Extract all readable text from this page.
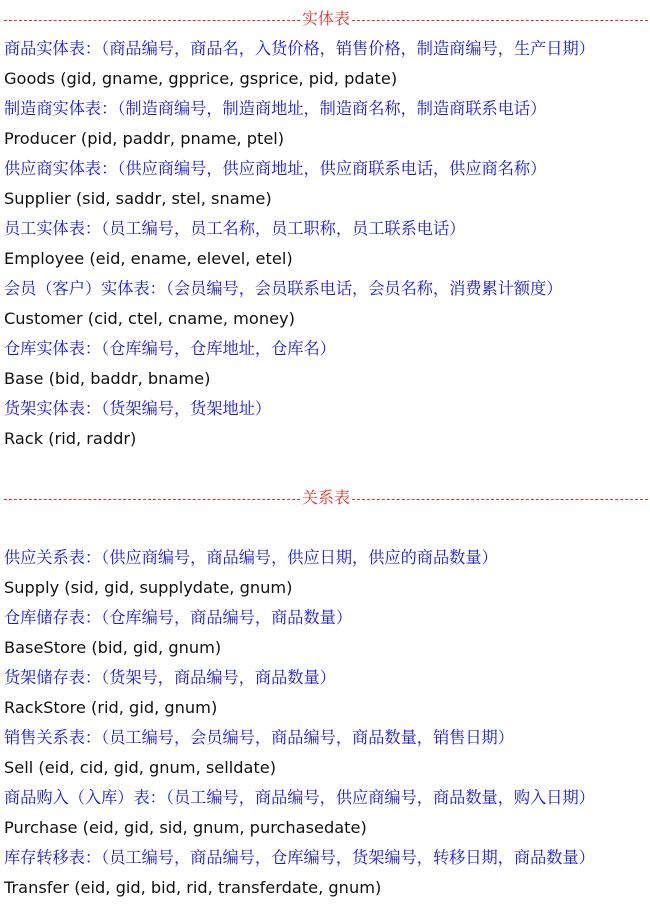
实体表
商品实体表：（商品编号，商品名，入货价格，销售价格，制造商编号，生产日期）
Goods (gid, gname, gpprice, gsprice, pid, pdate)
制造商实体表：（制造商编号，制造商地址，制造商名称，制造商联系电话）
Producer (pid, paddr, pname, ptel)
供应商实体表：（供应商编号，供应商地址，供应商联系电话，供应商名称）
Supplier (sid, saddr, stel, sname)
员工实体表：（员工编号，员工名称，员工职称，员工联系电话）
Employee (eid, ename, elevel, etel)
会员（客户）实体表：（会员编号，会员联系电话，会员名称，消费累计额度）
Customer (cid, ctel, cname, money)
仓库实体表：（仓库编号，仓库地址，仓库名）
Base (bid, baddr, bname)
货架实体表：（货架编号，货架地址）
Rack (rid, raddr)
关系表
供应关系表：（供应商编号，商品编号，供应日期，供应的商品数量）
Supply (sid, gid, supplydate, gnum)
仓库储存表：（仓库编号，商品编号，商品数量）
BaseStore (bid, gid, gnum)
货架储存表：（货架号，商品编号，商品数量）
RackStore (rid, gid, gnum)
销售关系表：（员工编号，会员编号，商品编号，商品数量，销售日期）
Sell (eid, cid, gid, gnum, selldate)
商品购入（入库）表：（员工编号，商品编号，供应商编号，商品数量，购入日期）
Purchase (eid, gid, sid, gnum, purchasedate)
库存转移表：（员工编号，商品编号，仓库编号，货架编号，转移日期，商品数量）
Transfer (eid, gid, bid, rid, transferdate, gnum)
